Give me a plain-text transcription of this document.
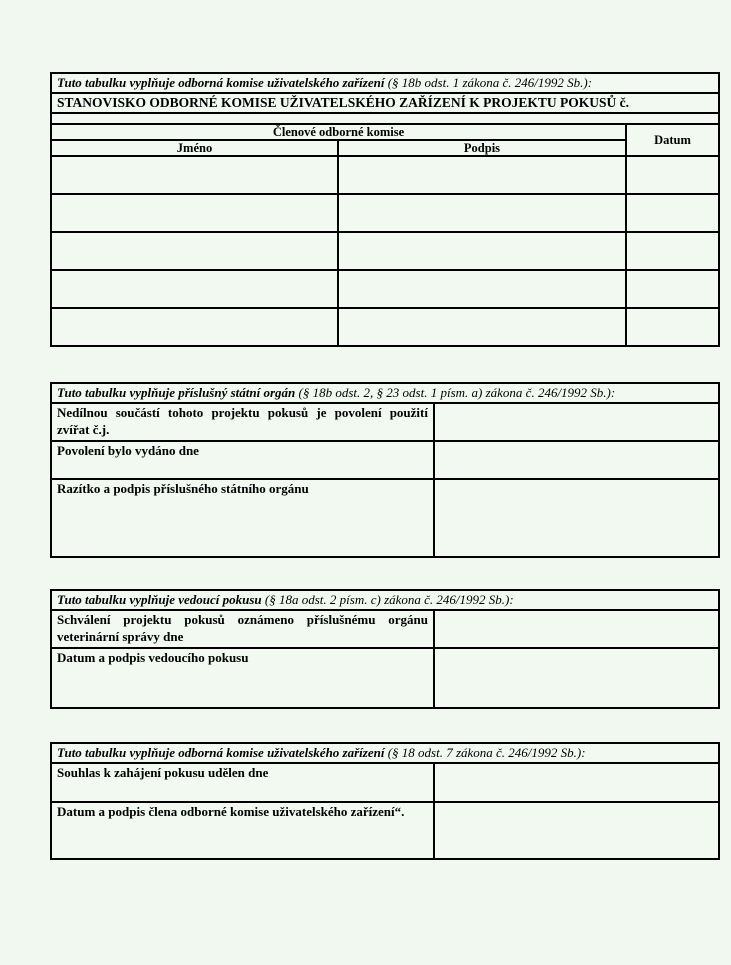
Tuto tabulku vyplňuje odborná komise uživatelského zařízení (§ 18b odst. 1 zákona č. 246/1992 Sb.):		
STANOVISKO ODBORNÉ KOMISE UŽIVATELSKÉHO ZAŘÍZENÍ K PROJEKTU POKUSŮ č.		

Členové odborné komise		Datum
Jméno	Podpis	

Tuto tabulku vyplňuje příslušný státní orgán (§ 18b odst. 2, § 23 odst. 1 písm. a) zákona č. 246/1992 Sb.):	
Nedílnou součástí tohoto projektu pokusů je povolení použití zvířat č.j.	
Povolení bylo vydáno dne	
Razítko a podpis příslušného státního orgánu	
Tuto tabulku vyplňuje vedoucí pokusu (§ 18a odst. 2 písm. c) zákona č. 246/1992 Sb.):	
Schválení projektu pokusů oznámeno příslušnému orgánu veterinární správy dne	
Datum a podpis vedoucího pokusu	
Tuto tabulku vyplňuje odborná komise uživatelského zařízení (§ 18 odst. 7 zákona č. 246/1992 Sb.):	
Souhlas k zahájení pokusu udělen dne	
Datum a podpis člena odborné komise uživatelského zařízení“.	
